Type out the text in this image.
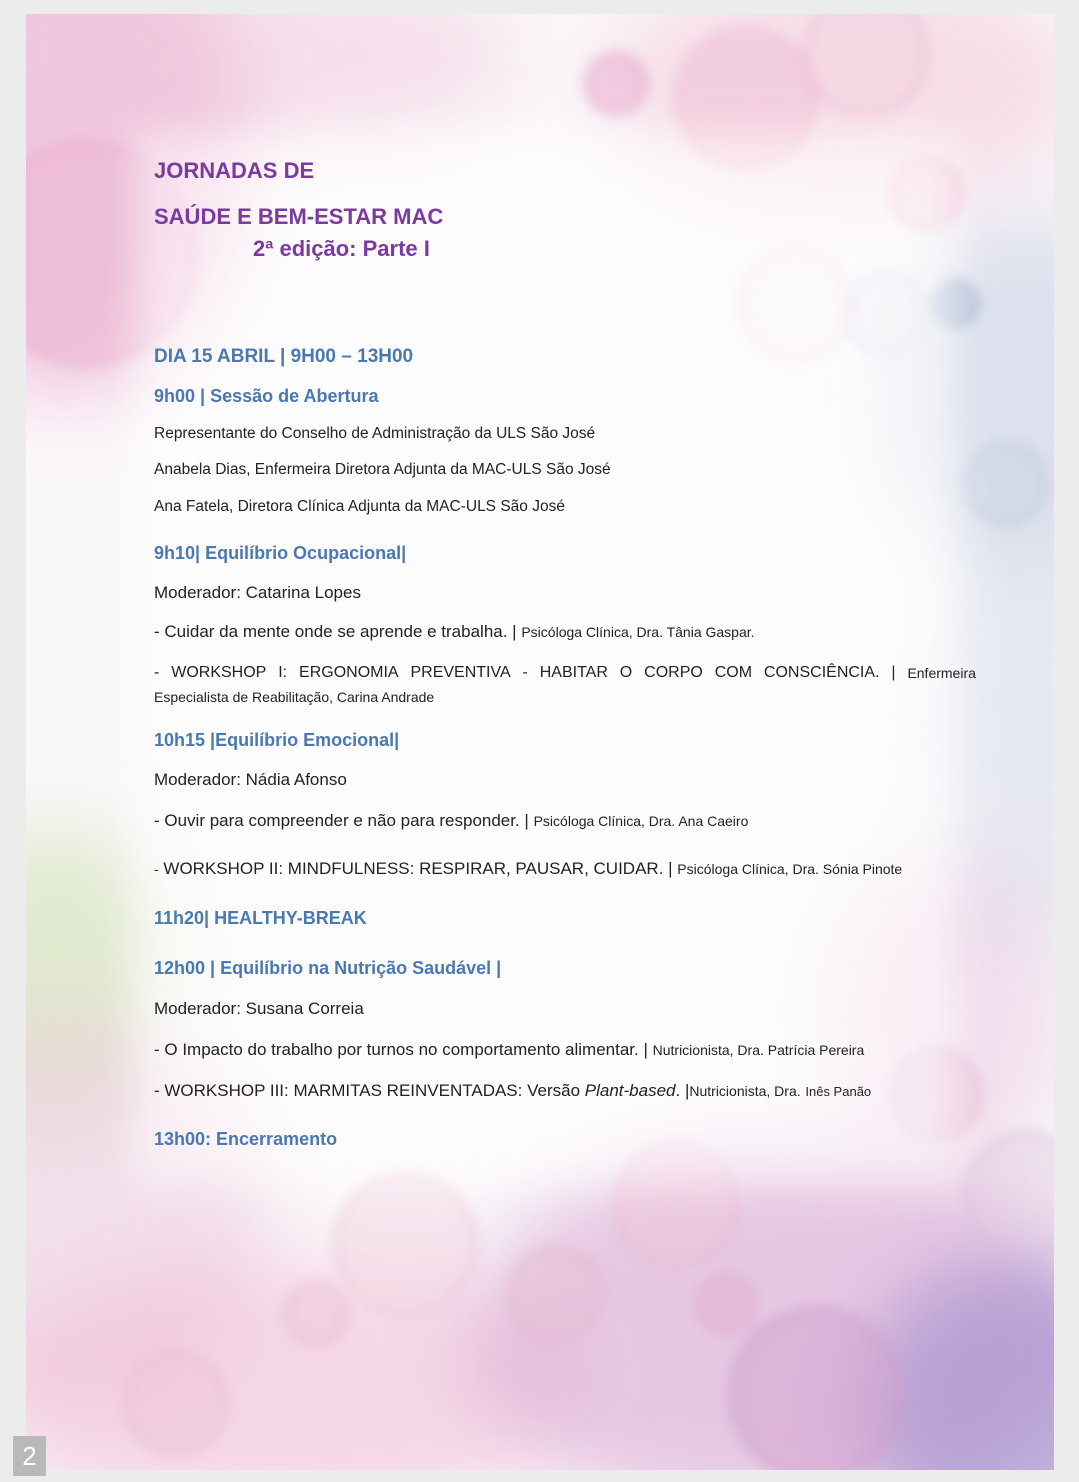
JORNADAS DE
SAÚDE E BEM-ESTAR MAC
2ª edição: Parte I
DIA 15 ABRIL | 9H00 – 13H00
9h00 | Sessão de Abertura
Representante do Conselho de Administração da ULS São José
Anabela Dias, Enfermeira Diretora Adjunta da MAC-ULS São José
Ana Fatela, Diretora Clínica Adjunta da MAC-ULS São José
9h10| Equilíbrio Ocupacional|
Moderador: Catarina Lopes
- Cuidar da mente onde se aprende e trabalha. | Psicóloga Clínica, Dra. Tânia Gaspar.
- WORKSHOP I: ERGONOMIA PREVENTIVA - HABITAR O CORPO COM CONSCIÊNCIA. | Enfermeira
Especialista de Reabilitação, Carina Andrade
10h15 |Equilíbrio Emocional|
Moderador: Nádia Afonso
- Ouvir para compreender e não para responder. | Psicóloga Clínica, Dra. Ana Caeiro
- WORKSHOP II: MINDFULNESS: RESPIRAR, PAUSAR, CUIDAR. | Psicóloga Clínica, Dra. Sónia Pinote
11h20| HEALTHY-BREAK
12h00 | Equilíbrio na Nutrição Saudável |
Moderador: Susana Correia
- O Impacto do trabalho por turnos no comportamento alimentar. | Nutricionista, Dra. Patrícia Pereira
- WORKSHOP III: MARMITAS REINVENTADAS: Versão Plant-based. |Nutricionista, Dra. Inês Panão
13h00: Encerramento
2
